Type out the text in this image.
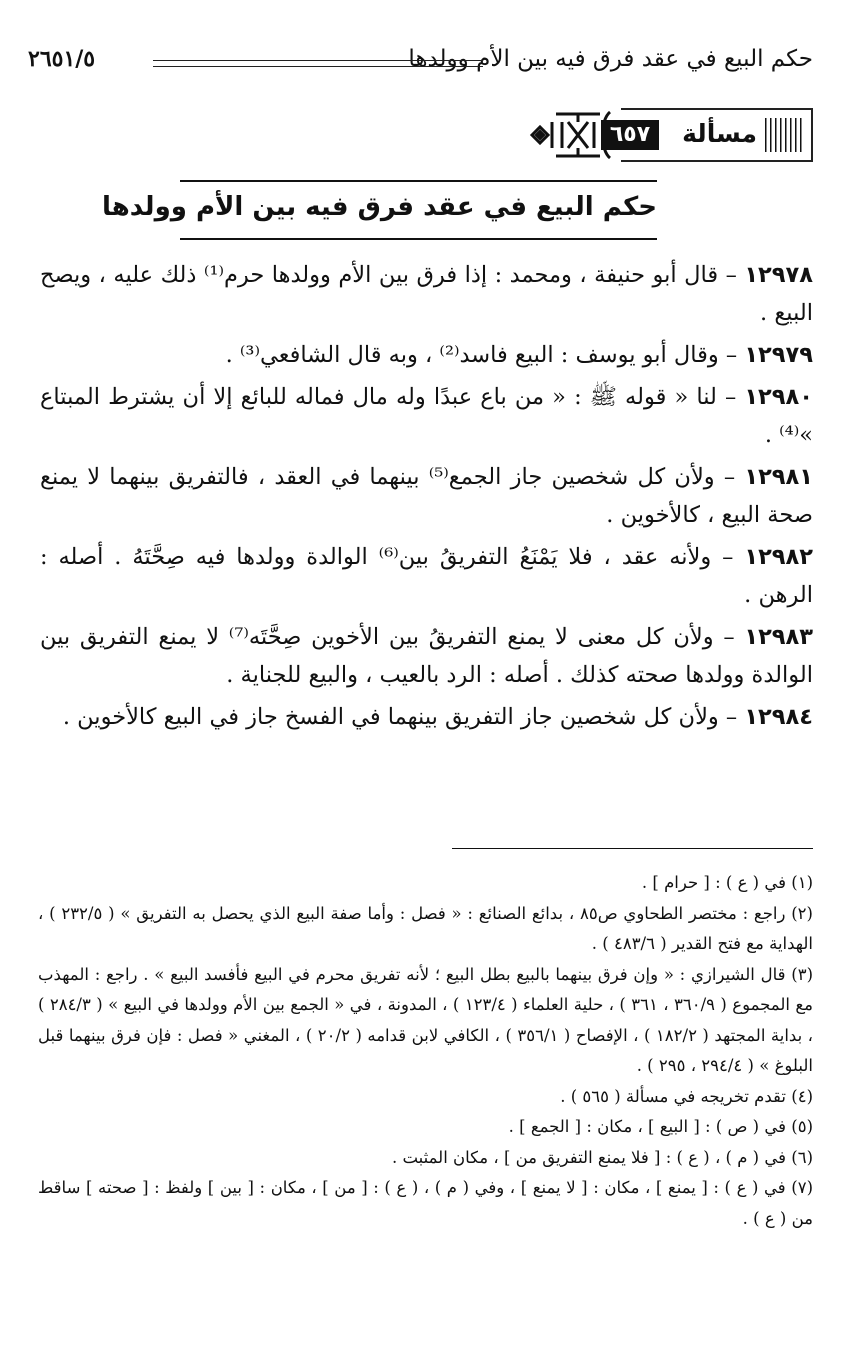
حكم البيع في عقد فرق فيه بين الأم وولدها
٢٦٥١/٥
مسألة
٦٥٧
حكم البيع في عقد فرق فيه بين الأم وولدها

١٢٩٧٨ – قال أبو حنيفة ، ومحمد : إذا فرق بين الأم وولدها حرم⁽¹⁾ ذلك عليه ، ويصح البيع .

١٢٩٧٩ – وقال أبو يوسف : البيع فاسد⁽²⁾ ، وبه قال الشافعي⁽³⁾ .

١٢٩٨٠ – لنا « قوله ﷺ : « من باع عبدًا وله مال فماله للبائع إلا أن يشترط المبتاع »⁽⁴⁾ .

١٢٩٨١ – ولأن كل شخصين جاز الجمع⁽⁵⁾ بينهما في العقد ، فالتفريق بينهما لا يمنع صحة البيع ، كالأخوين .

١٢٩٨٢ – ولأنه عقد ، فلا يَمْنَعُ التفريقُ بين⁽⁶⁾ الوالدة وولدها فيه صِحَّتَهُ . أصله : الرهن .

١٢٩٨٣ – ولأن كل معنى لا يمنع التفريقُ بين الأخوين صِحَّتَه⁽⁷⁾ لا يمنع التفريق بين الوالدة وولدها صحته كذلك . أصله : الرد بالعيب ، والبيع للجناية .

١٢٩٨٤ – ولأن كل شخصين جاز التفريق بينهما في الفسخ جاز في البيع كالأخوين .

(١) في ( ع ) : [ حرام ] .

(٢) راجع : مختصر الطحاوي ص٨٥ ، بدائع الصنائع : « فصل : وأما صفة البيع الذي يحصل به التفريق » ( ٢٣٢/٥ ) ، الهداية مع فتح القدير ( ٤٨٣/٦ ) .

(٣) قال الشيرازي : « وإن فرق بينهما بالبيع بطل البيع ؛ لأنه تفريق محرم في البيع فأفسد البيع » . راجع : المهذب مع المجموع ( ٣٦٠/٩ ، ٣٦١ ) ، حلية العلماء ( ١٢٣/٤ ) ، المدونة ، في « الجمع بين الأم وولدها في البيع » ( ٢٨٤/٣ ) ، بداية المجتهد ( ١٨٢/٢ ) ، الإفصاح ( ٣٥٦/١ ) ، الكافي لابن قدامه ( ٢٠/٢ ) ، المغني « فصل : فإن فرق بينهما قبل البلوغ » ( ٢٩٤/٤ ، ٢٩٥ ) .

(٤) تقدم تخريجه في مسألة ( ٥٦٥ ) .

(٥) في ( ص ) : [ البيع ] ، مكان : [ الجمع ] .

(٦) في ( م ) ، ( ع ) : [ فلا يمنع التفريق من ] ، مكان المثبت .

(٧) في ( ع ) : [ يمنع ] ، مكان : [ لا يمنع ] ، وفي ( م ) ، ( ع ) : [ من ] ، مكان : [ بين ] ولفظ : [ صحته ] ساقط من ( ع ) .
